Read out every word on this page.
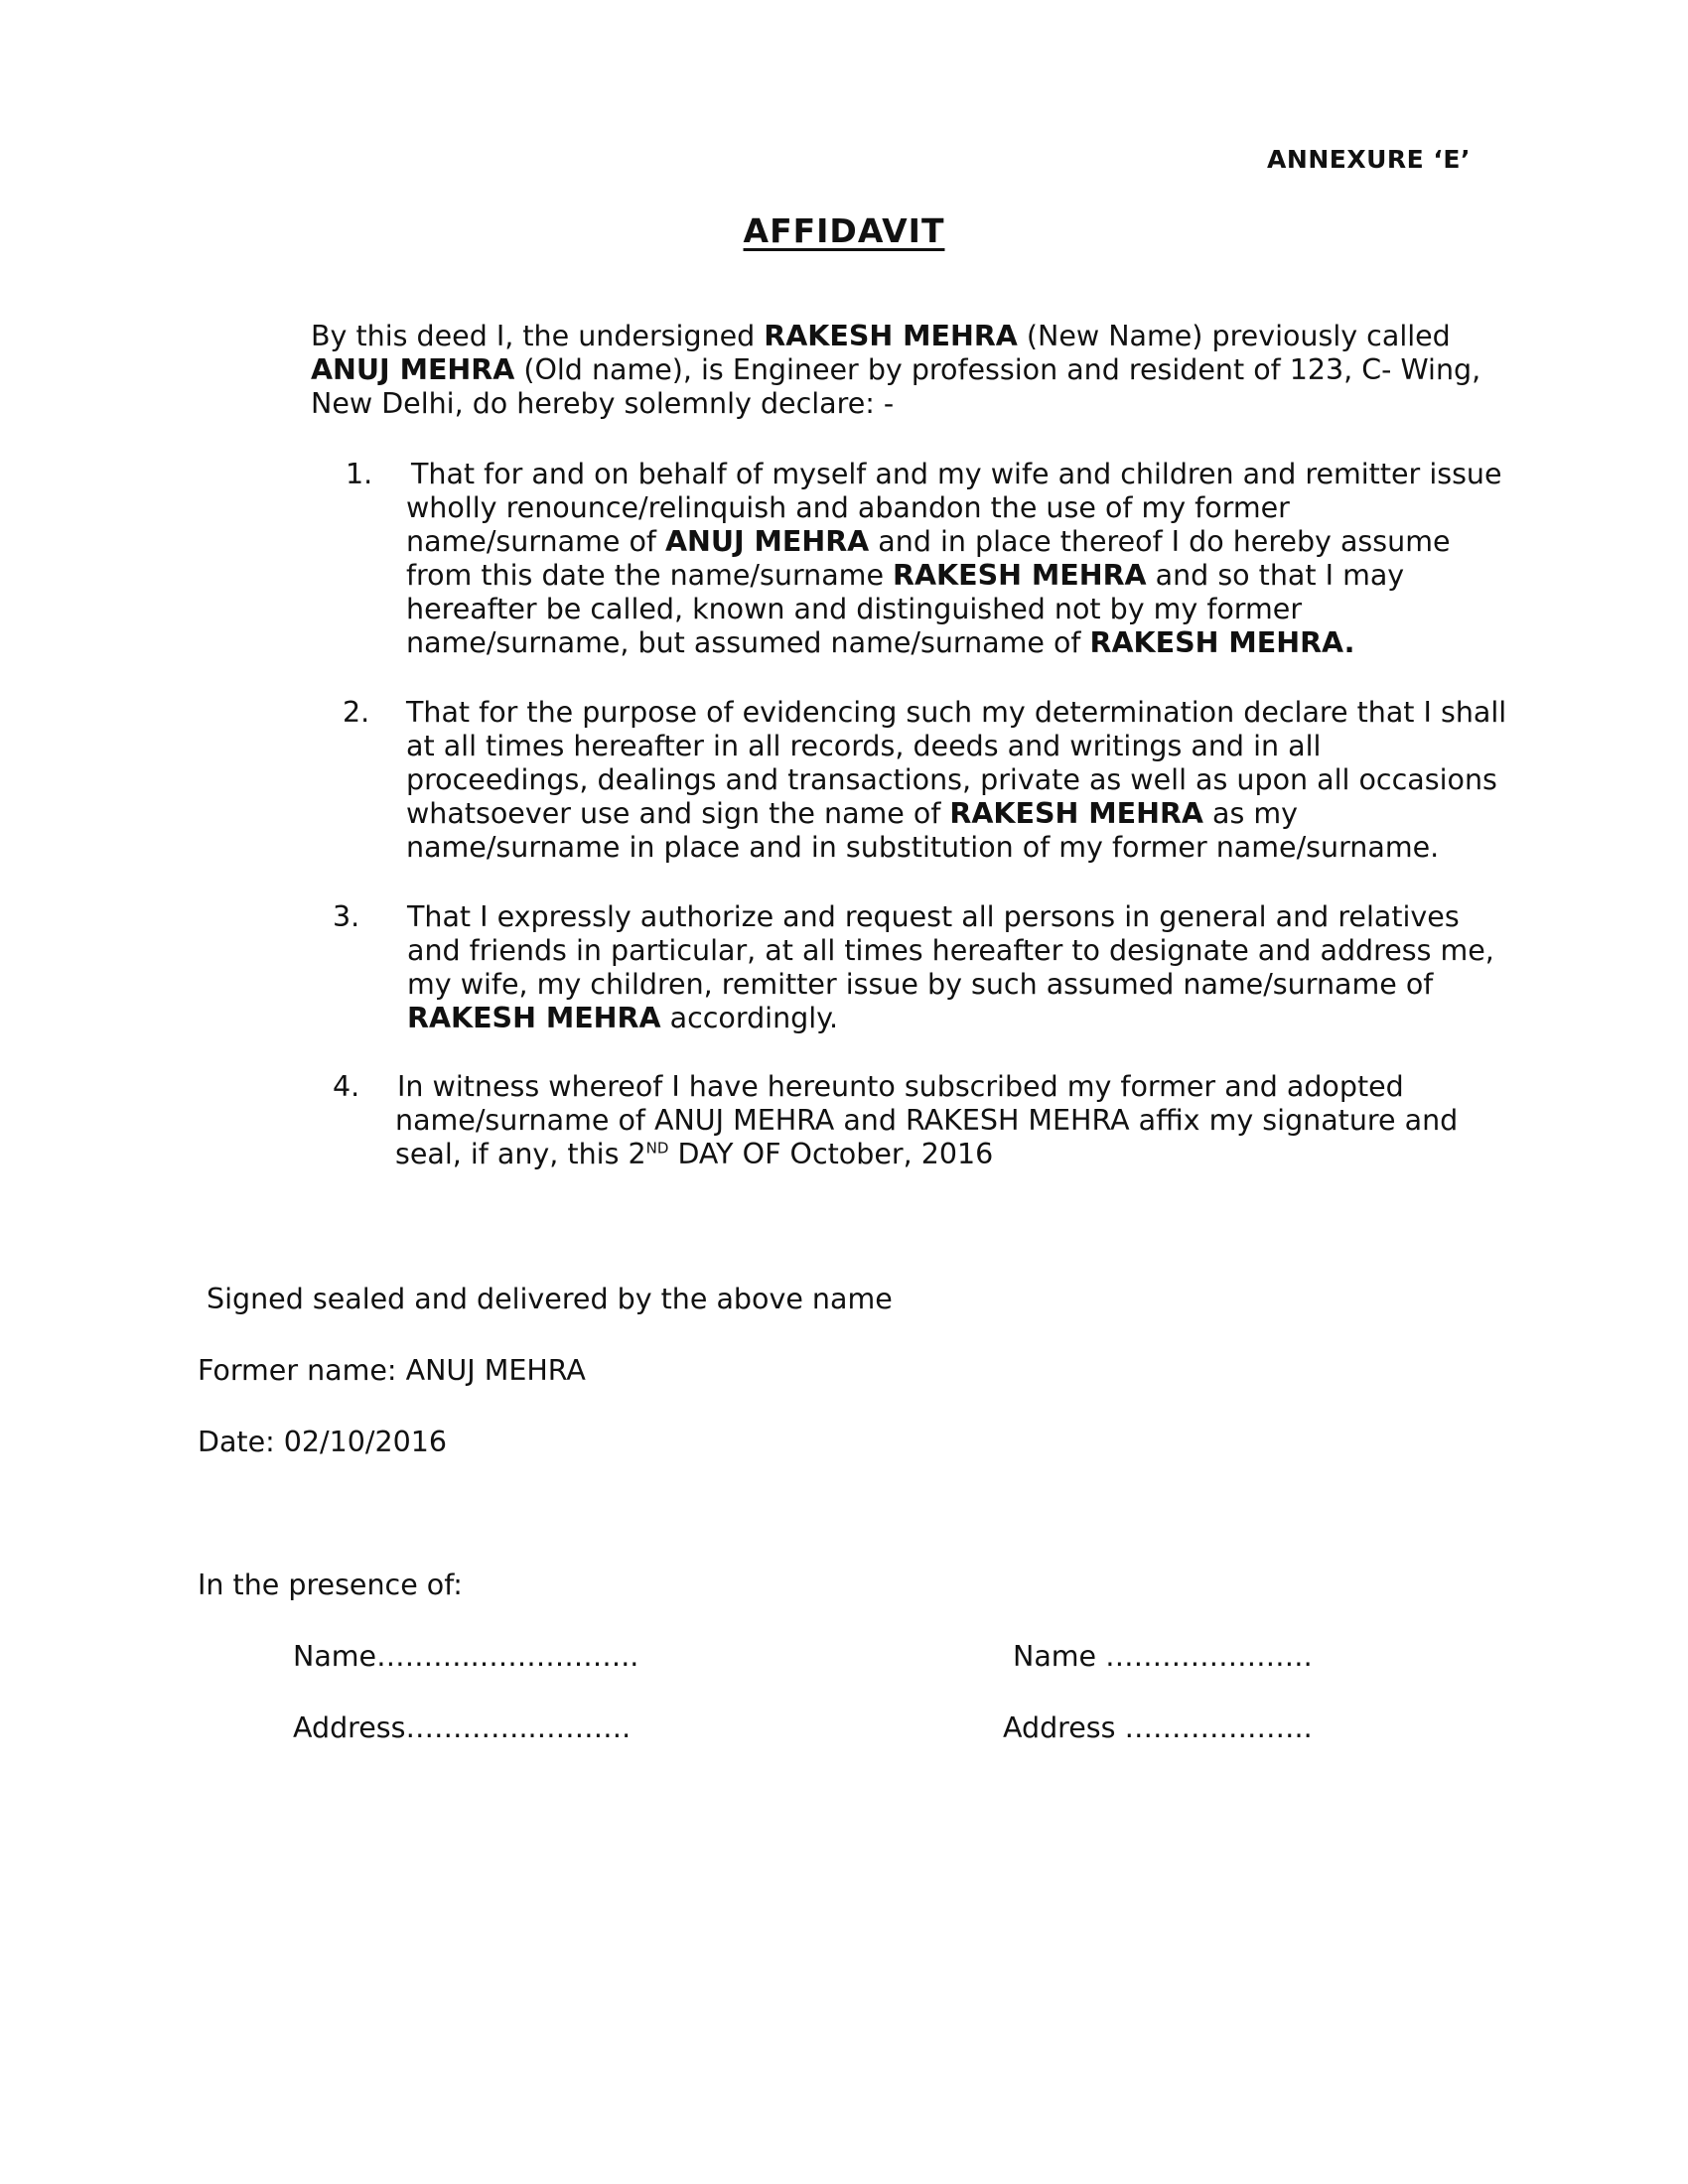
ANNEXURE ‘E’
AFFIDAVIT
By this deed I, the undersigned RAKESH MEHRA (New Name) previously called
ANUJ MEHRA (Old name), is Engineer by profession and resident of 123, C- Wing,
New Delhi, do hereby solemnly declare: -
1. That for and on behalf of myself and my wife and children and remitter issue
wholly renounce/relinquish and abandon the use of my former
name/surname of ANUJ MEHRA and in place thereof I do hereby assume
from this date the name/surname RAKESH MEHRA and so that I may
hereafter be called, known and distinguished not by my former
name/surname, but assumed name/surname of RAKESH MEHRA.
2. That for the purpose of evidencing such my determination declare that I shall
at all times hereafter in all records, deeds and writings and in all
proceedings, dealings and transactions, private as well as upon all occasions
whatsoever use and sign the name of RAKESH MEHRA as my
name/surname in place and in substitution of my former name/surname.
3. That I expressly authorize and request all persons in general and relatives
and friends in particular, at all times hereafter to designate and address me,
my wife, my children, remitter issue by such assumed name/surname of
RAKESH MEHRA accordingly.
4. In witness whereof I have hereunto subscribed my former and adopted
name/surname of ANUJ MEHRA and RAKESH MEHRA affix my signature and
seal, if any, this 2ND DAY OF October, 2016
Signed sealed and delivered by the above name
Former name: ANUJ MEHRA
Date: 02/10/2016
In the presence of:
Name………..……………..
Address…………..……….
Name ………………….
Address ………………..
